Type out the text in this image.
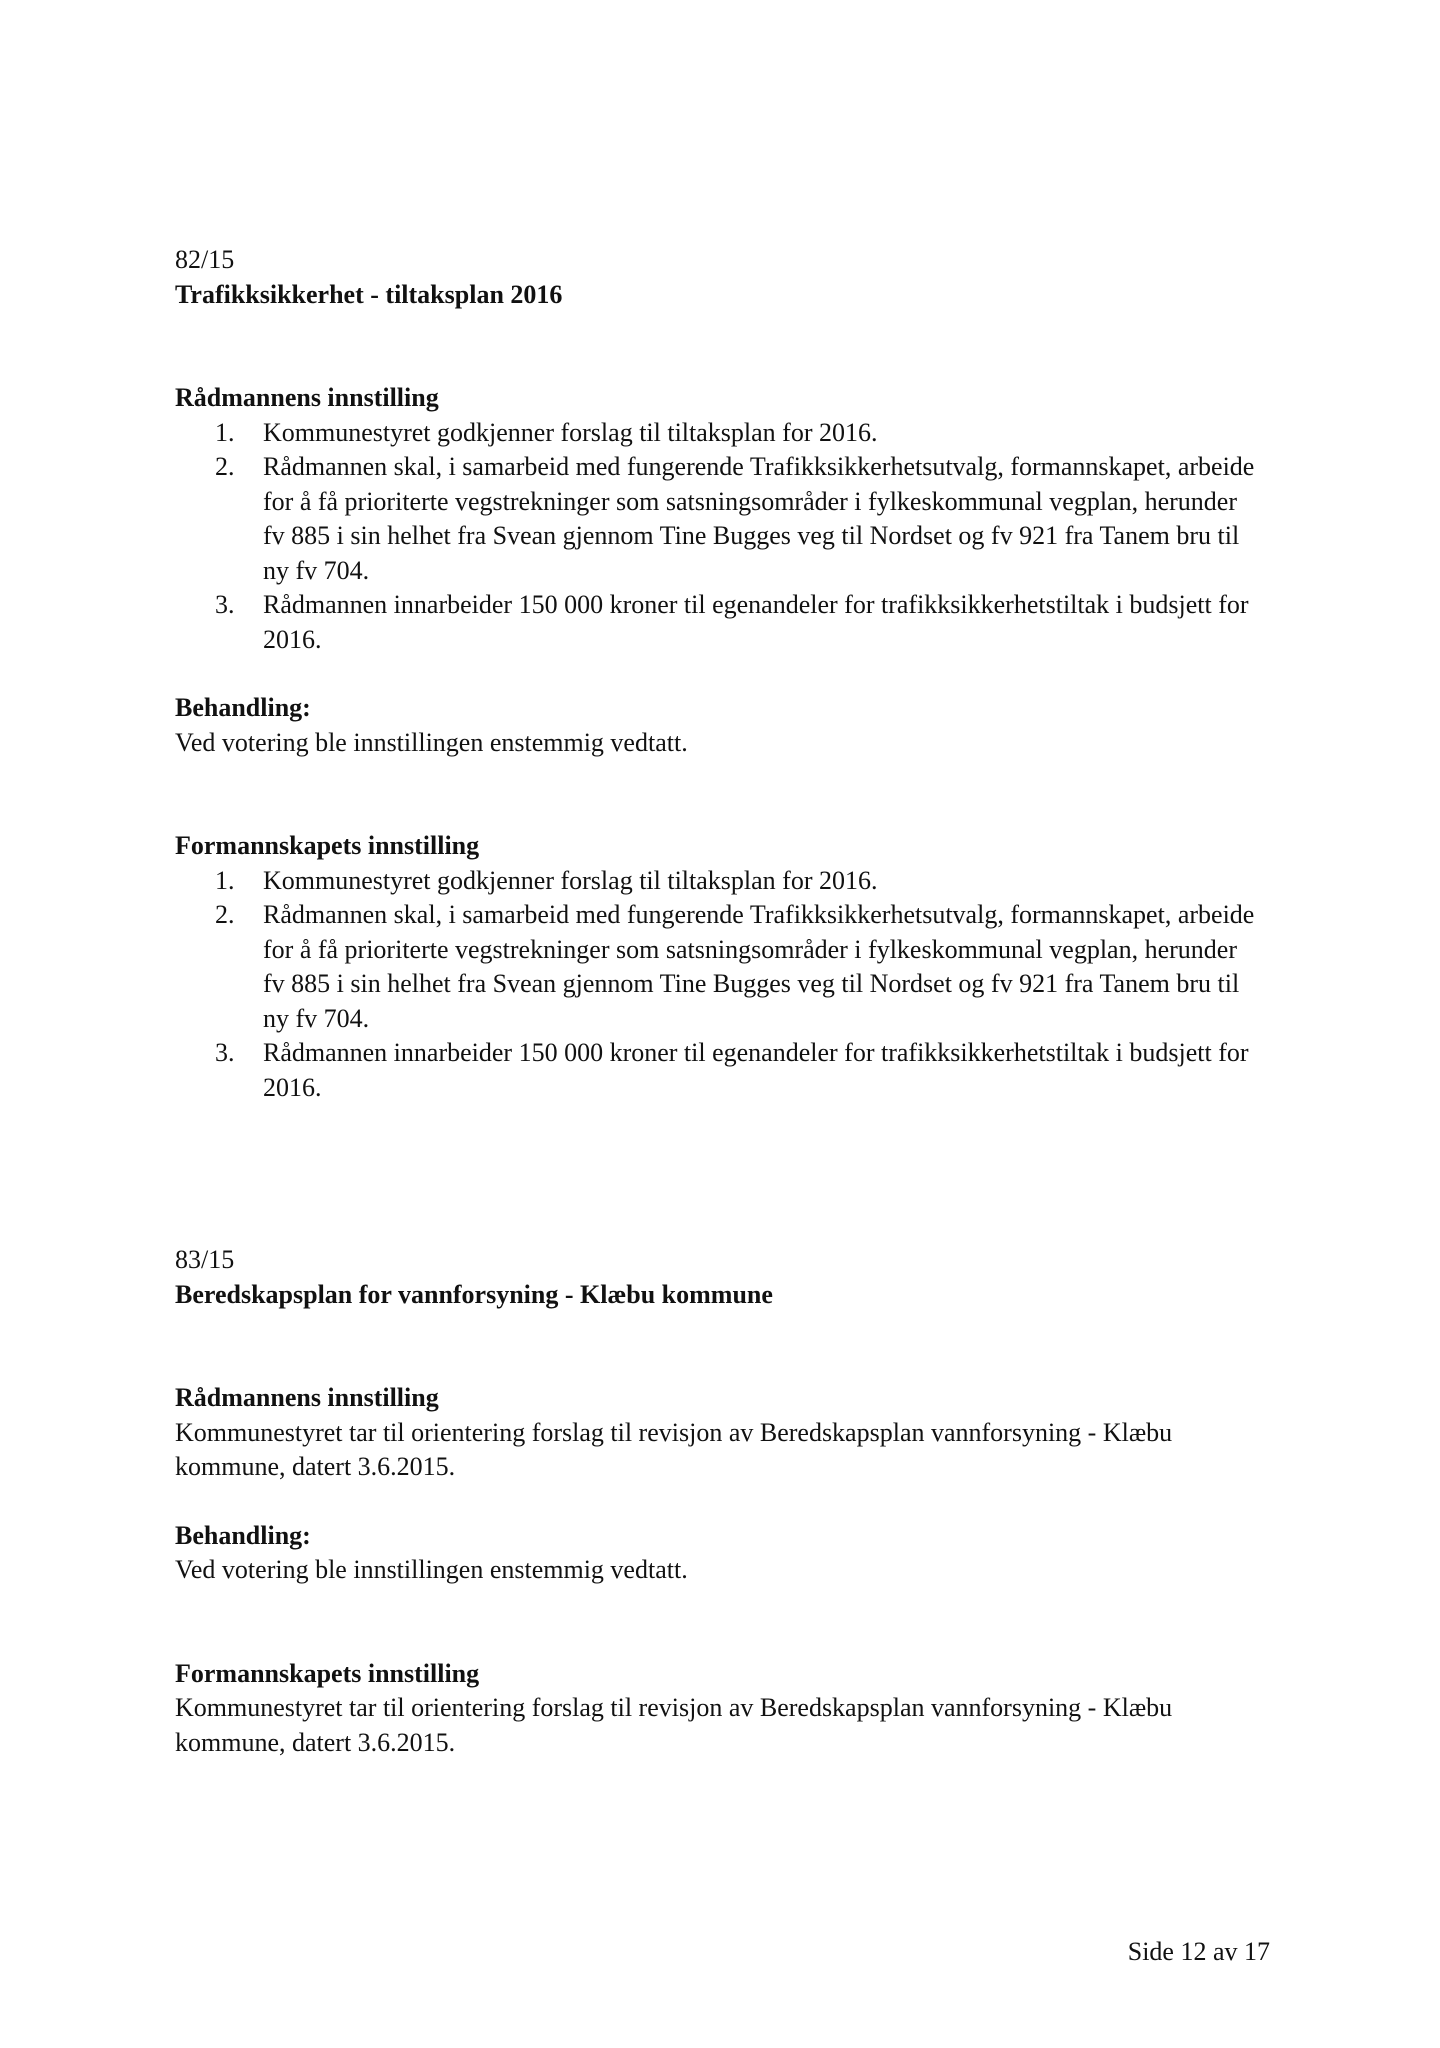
82/15

Trafikksikkerhet - tiltaksplan 2016

Rådmannens innstilling

1. Kommunestyret godkjenner forslag til tiltaksplan for 2016.
2. Rådmannen skal, i samarbeid med fungerende Trafikksikkerhetsutvalg, formannskapet, arbeide for å få prioriterte vegstrekninger som satsningsområder i fylkeskommunal vegplan, herunder fv 885 i sin helhet fra Svean gjennom Tine Bugges veg til Nordset og fv 921 fra Tanem bru til ny fv 704.
3. Rådmannen innarbeider 150 000 kroner til egenandeler for trafikksikkerhetstiltak i budsjett for 2016.

Behandling:

Ved votering ble innstillingen enstemmig vedtatt.

Formannskapets innstilling

1. Kommunestyret godkjenner forslag til tiltaksplan for 2016.
2. Rådmannen skal, i samarbeid med fungerende Trafikksikkerhetsutvalg, formannskapet, arbeide for å få prioriterte vegstrekninger som satsningsområder i fylkeskommunal vegplan, herunder fv 885 i sin helhet fra Svean gjennom Tine Bugges veg til Nordset og fv 921 fra Tanem bru til ny fv 704.
3. Rådmannen innarbeider 150 000 kroner til egenandeler for trafikksikkerhetstiltak i budsjett for 2016.

83/15

Beredskapsplan for vannforsyning - Klæbu kommune

Rådmannens innstilling

Kommunestyret tar til orientering forslag til revisjon av Beredskapsplan vannforsyning - Klæbu kommune, datert 3.6.2015.

Behandling:

Ved votering ble innstillingen enstemmig vedtatt.

Formannskapets innstilling

Kommunestyret tar til orientering forslag til revisjon av Beredskapsplan vannforsyning - Klæbu kommune, datert 3.6.2015.

Side 12 av 17
